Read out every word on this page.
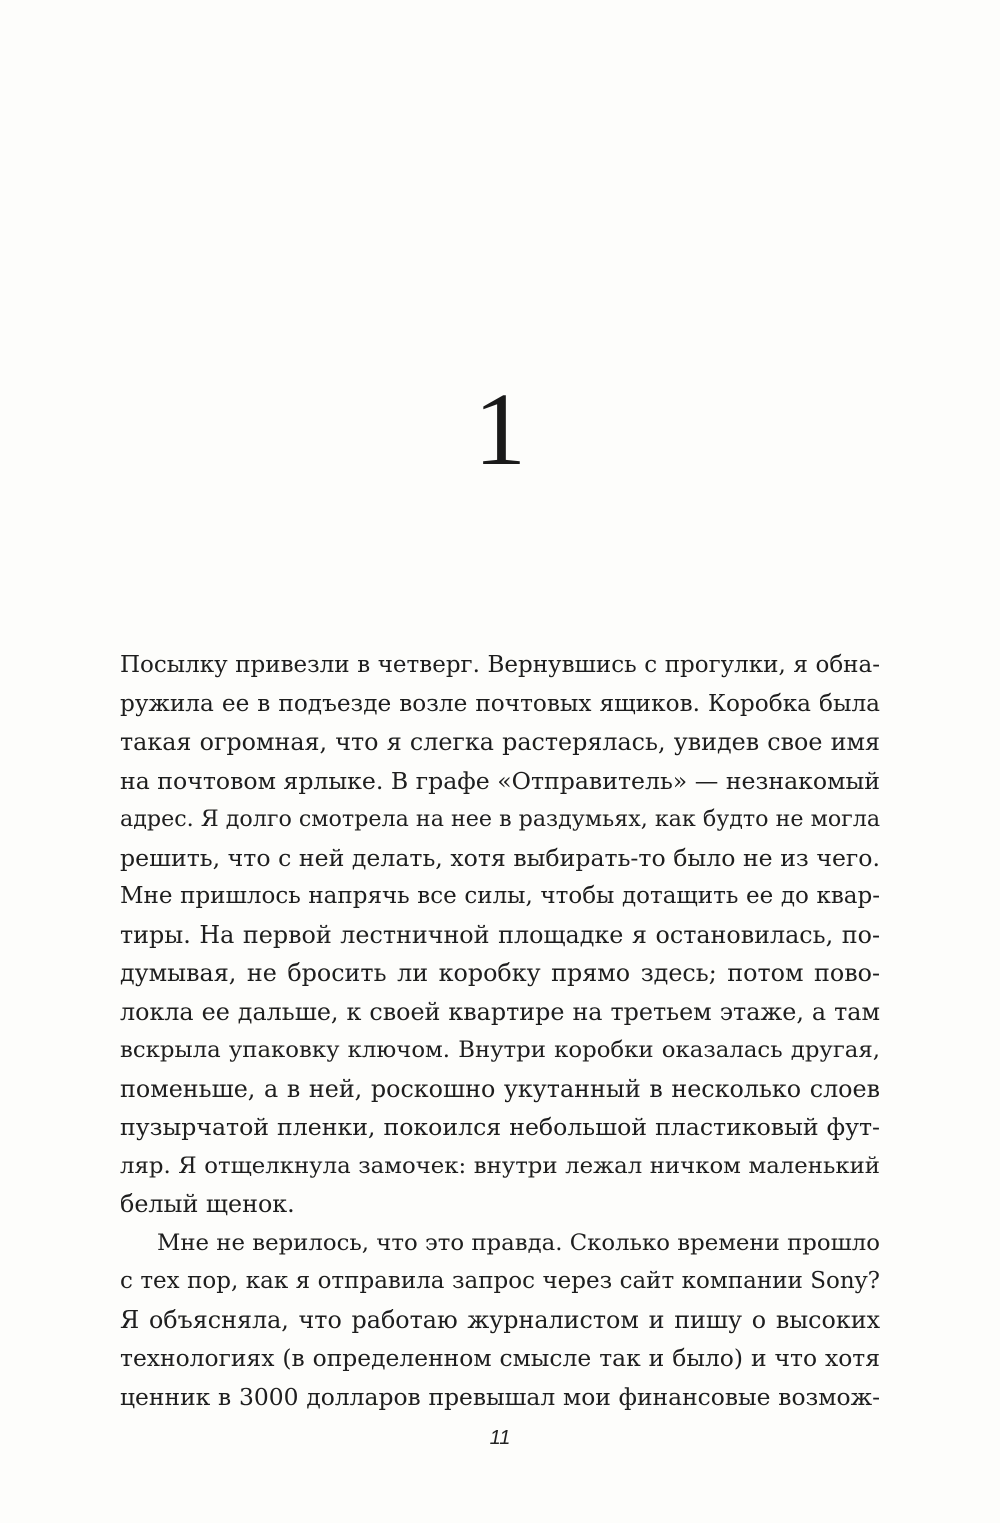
1
Посылку привезли в четверг. Вернувшись с прогулки, я обна-
ружила ее в подъезде возле почтовых ящиков. Коробка была
такая огромная, что я слегка растерялась, увидев свое имя
на почтовом ярлыке. В графе «Отправитель» — незнакомый
адрес. Я долго смотрела на нее в раздумьях, как будто не могла
решить, что с ней делать, хотя выбирать-то было не из чего.
Мне пришлось напрячь все силы, чтобы дотащить ее до квар-
тиры. На первой лестничной площадке я остановилась, по-
думывая, не бросить ли коробку прямо здесь; потом пово-
локла ее дальше, к своей квартире на третьем этаже, а там
вскрыла упаковку ключом. Внутри коробки оказалась другая,
поменьше, а в ней, роскошно укутанный в несколько слоев
пузырчатой пленки, покоился небольшой пластиковый фут-
ляр. Я отщелкнула замочек: внутри лежал ничком маленький
белый щенок.
Мне не верилось, что это правда. Сколько времени прошло
с тех пор, как я отправила запрос через сайт компании Sony?
Я объясняла, что работаю журналистом и пишу о высоких
технологиях (в определенном смысле так и было) и что хотя
ценник в 3000 долларов превышал мои финансовые возмож-
11
